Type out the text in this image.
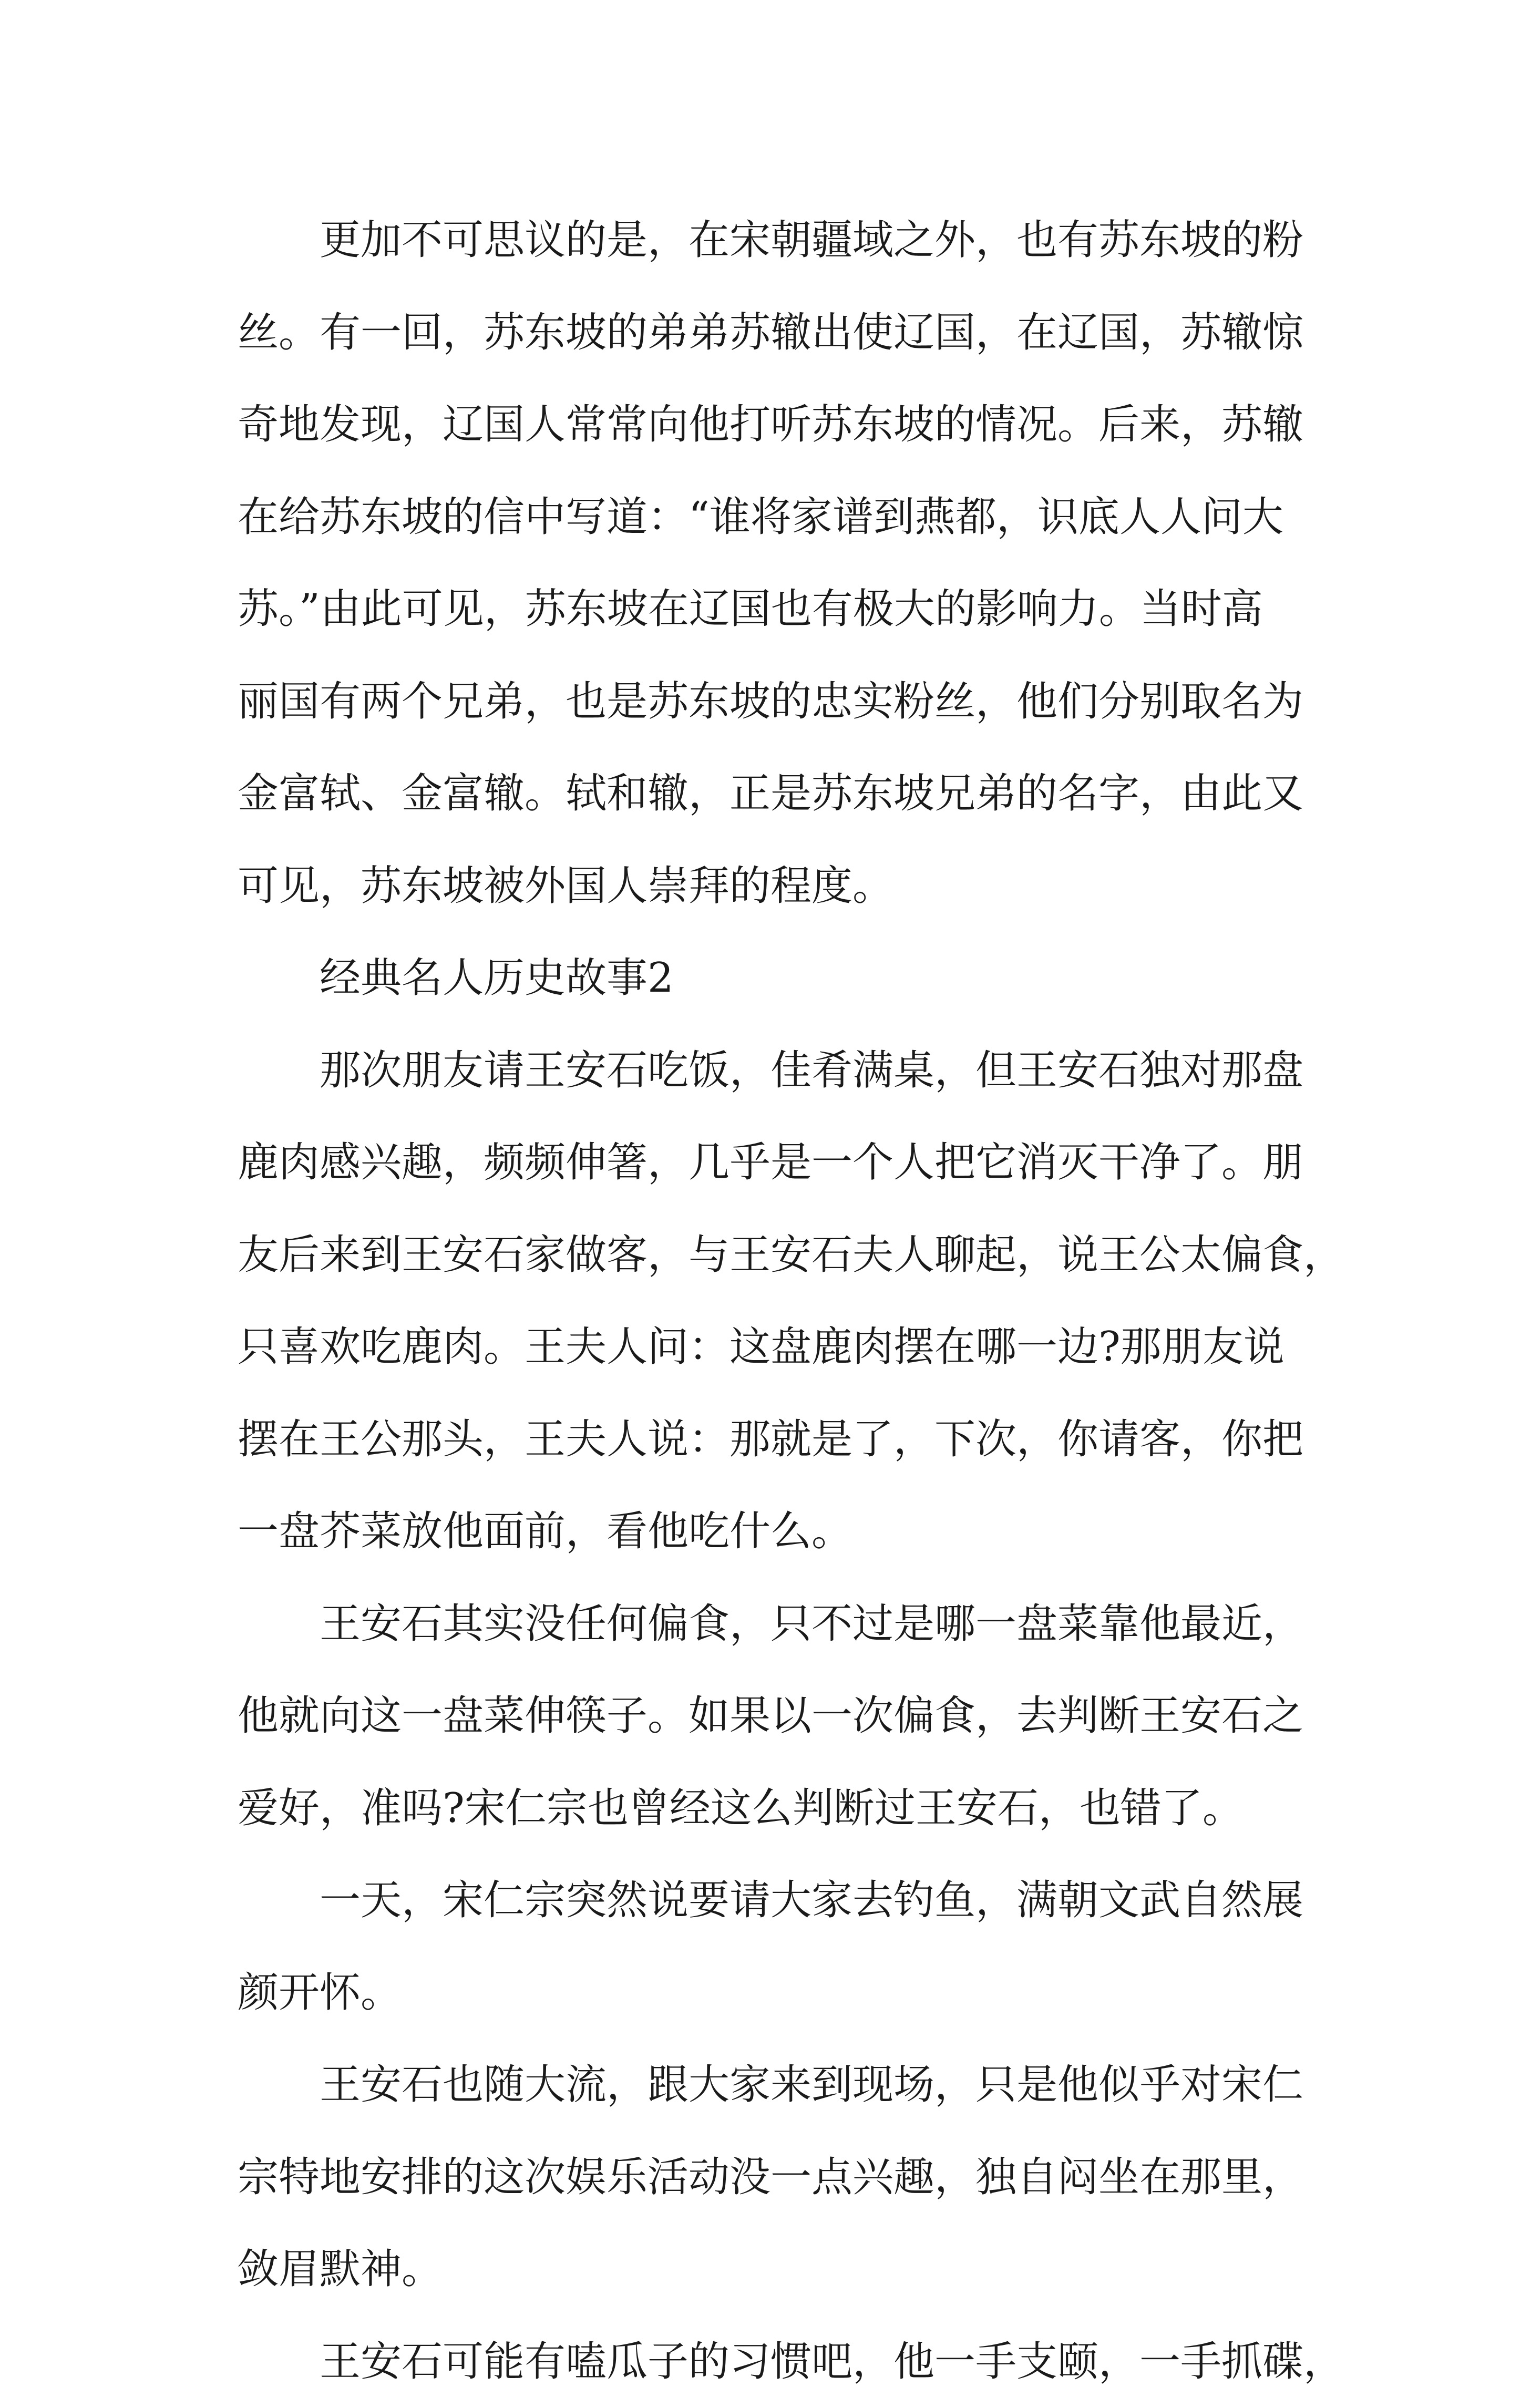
更加不可思议的是，在宋朝疆域之外，也有苏东坡的粉
丝。有一回，苏东坡的弟弟苏辙出使辽国，在辽国，苏辙惊
奇地发现，辽国人常常向他打听苏东坡的情况。后来，苏辙
在给苏东坡的信中写道：“谁将家谱到燕都，识底人人问大
苏。”由此可见，苏东坡在辽国也有极大的影响力。当时高
丽国有两个兄弟，也是苏东坡的忠实粉丝，他们分别取名为
金富轼、金富辙。轼和辙，正是苏东坡兄弟的名字，由此又
可见，苏东坡被外国人崇拜的程度。
经典名人历史故事2
那次朋友请王安石吃饭，佳肴满桌，但王安石独对那盘
鹿肉感兴趣，频频伸箸，几乎是一个人把它消灭干净了。朋
友后来到王安石家做客，与王安石夫人聊起，说王公太偏食，
只喜欢吃鹿肉。王夫人问：这盘鹿肉摆在哪一边?那朋友说
摆在王公那头，王夫人说：那就是了，下次，你请客，你把
一盘芥菜放他面前，看他吃什么。
王安石其实没任何偏食，只不过是哪一盘菜靠他最近，
他就向这一盘菜伸筷子。如果以一次偏食，去判断王安石之
爱好，准吗?宋仁宗也曾经这么判断过王安石，也错了。
一天，宋仁宗突然说要请大家去钓鱼，满朝文武自然展
颜开怀。
王安石也随大流，跟大家来到现场，只是他似乎对宋仁
宗特地安排的这次娱乐活动没一点兴趣，独自闷坐在那里，
敛眉默神。
王安石可能有嗑瓜子的习惯吧，他一手支颐，一手抓碟，
